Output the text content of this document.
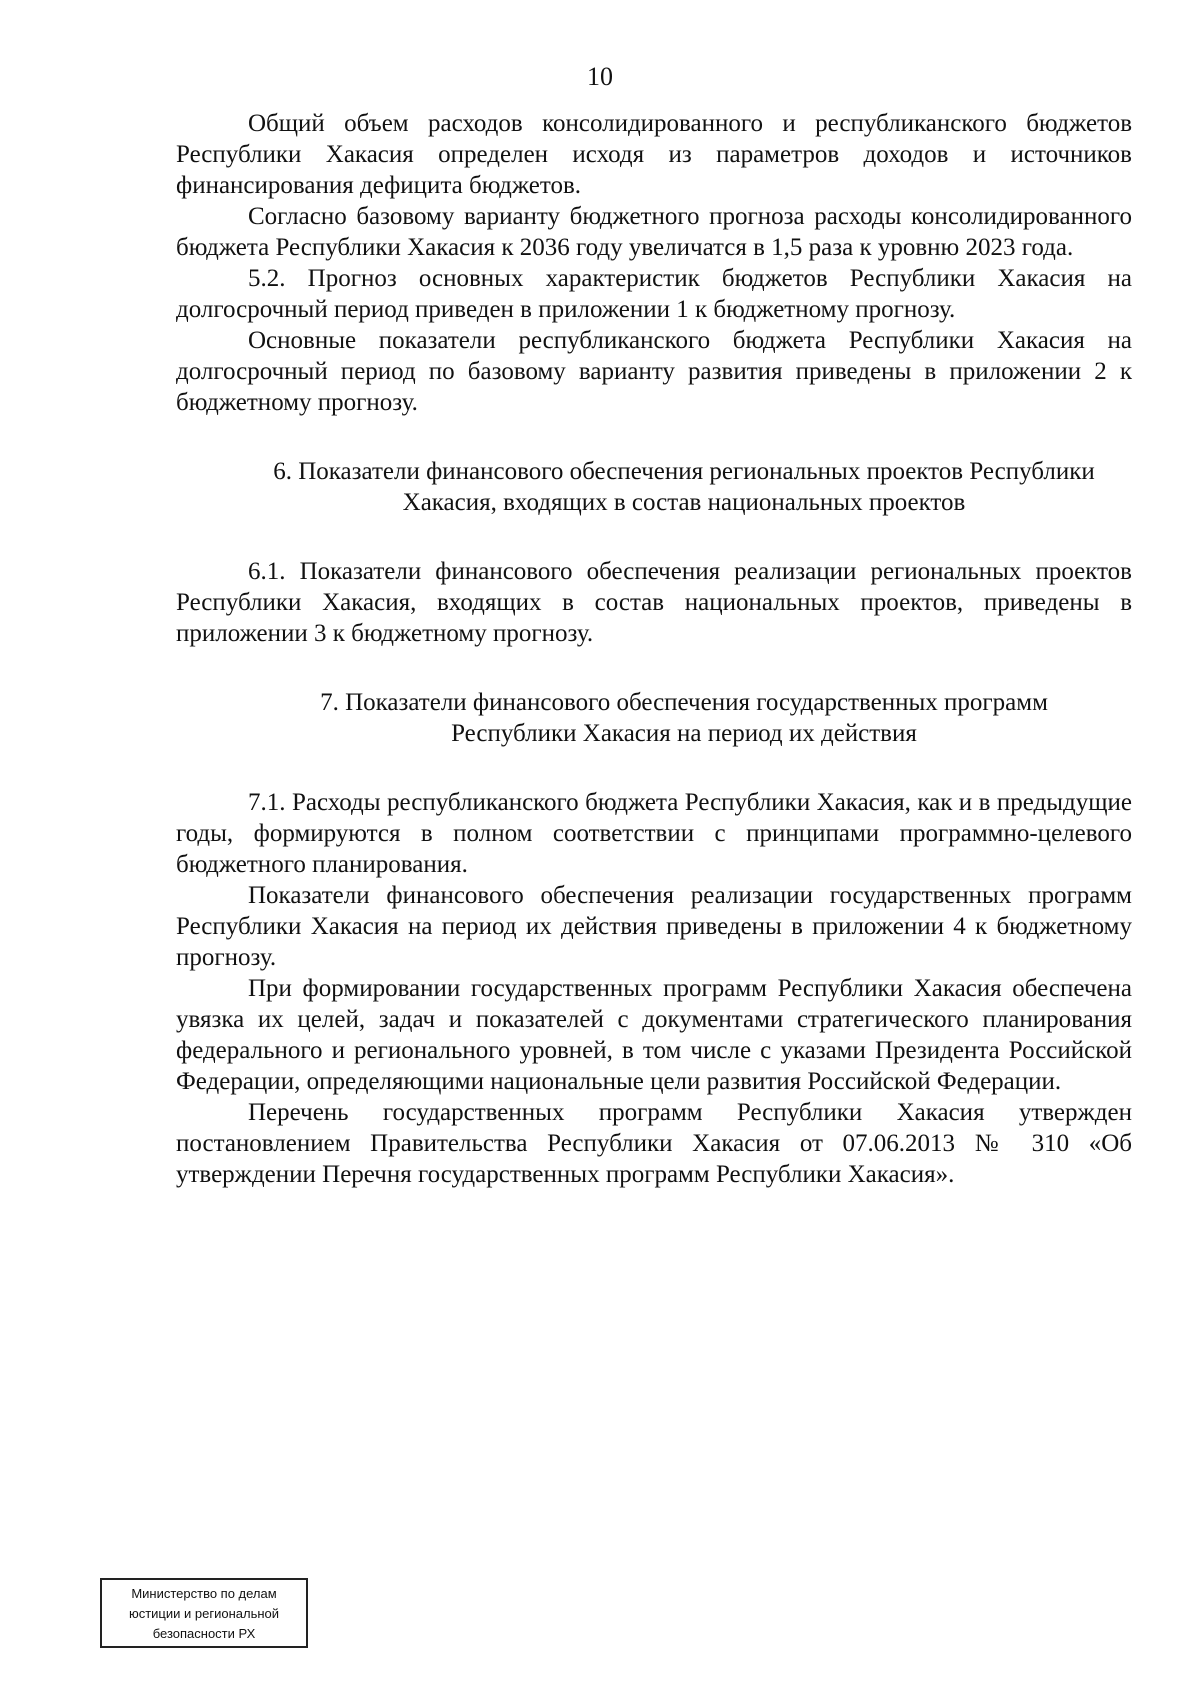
10

Общий объем расходов консолидированного и республиканского бюджетов Республики Хакасия определен исходя из параметров доходов и источников финансирования дефицита бюджетов.

Согласно базовому варианту бюджетного прогноза расходы консолидированного бюджета Республики Хакасия к 2036 году увеличатся в 1,5 раза к уровню 2023 года.

5.2. Прогноз основных характеристик бюджетов Республики Хакасия на долгосрочный период приведен в приложении 1 к бюджетному прогнозу.

Основные показатели республиканского бюджета Республики Хакасия на долгосрочный период по базовому варианту развития приведены в приложении 2 к бюджетному прогнозу.

6. Показатели финансового обеспечения региональных проектов Республики
Хакасия, входящих в состав национальных проектов

6.1. Показатели финансового обеспечения реализации региональных проектов Республики Хакасия, входящих в состав национальных проектов, приведены в приложении 3 к бюджетному прогнозу.

7. Показатели финансового обеспечения государственных программ
Республики Хакасия на период их действия

7.1. Расходы республиканского бюджета Республики Хакасия, как и в предыдущие годы, формируются в полном соответствии с принципами программно-целевого бюджетного планирования.

Показатели финансового обеспечения реализации государственных программ Республики Хакасия на период их действия приведены в приложении 4 к бюджетному прогнозу.

При формировании государственных программ Республики Хакасия обеспечена увязка их целей, задач и показателей с документами стратегического планирования федерального и регионального уровней, в том числе с указами Президента Российской Федерации, определяющими национальные цели развития Российской Федерации.

Перечень государственных программ Республики Хакасия утвержден постановлением Правительства Республики Хакасия от 07.06.2013 № 310 «Об утверждении Перечня государственных программ Республики Хакасия».

Министерство по делам
юстиции и региональной
безопасности РХ
